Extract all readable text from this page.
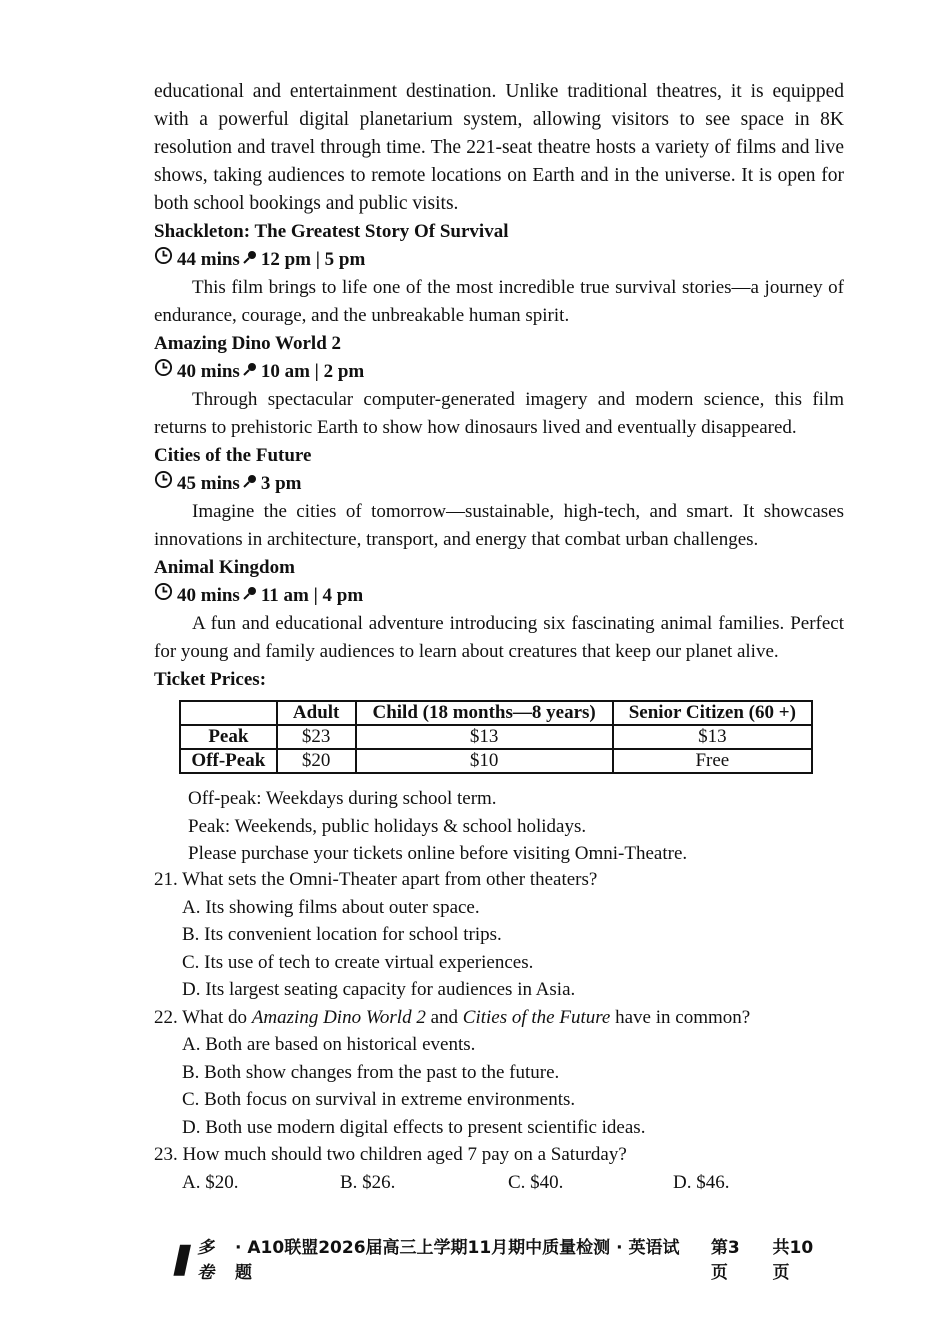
educational and entertainment destination. Unlike traditional theatres, it is equipped with a powerful digital planetarium system, allowing visitors to see space in 8K resolution and travel through time. The 221-seat theatre hosts a variety of films and live shows, taking audiences to remote locations on Earth and in the universe. It is open for both school bookings and public visits.

Shackleton: The Greatest Story Of Survival

44 mins 12 pm | 5 pm

This film brings to life one of the most incredible true survival stories—a journey of endurance, courage, and the unbreakable human spirit.

Amazing Dino World 2

40 mins 10 am | 2 pm

Through spectacular computer-generated imagery and modern science, this film returns to prehistoric Earth to show how dinosaurs lived and eventually disappeared.

Cities of the Future

45 mins 3 pm

Imagine the cities of tomorrow—sustainable, high-tech, and smart. It showcases innovations in architecture, transport, and energy that combat urban challenges.

Animal Kingdom

40 mins 11 am | 4 pm

A fun and educational adventure introducing six fascinating animal families. Perfect for young and family audiences to learn about creatures that keep our planet alive.

Ticket Prices:

	Adult	Child (18 months—8 years)	Senior Citizen (60 +)
Peak	$23	$13	$13
Off-Peak	$20	$10	Free

Off-peak: Weekdays during school term.

Peak: Weekends, public holidays & school holidays.

Please purchase your tickets online before visiting Omni-Theatre.

21. What sets the Omni-Theater apart from other theaters?

A. Its showing films about outer space.

B. Its convenient location for school trips.

C. Its use of tech to create virtual experiences.

D. Its largest seating capacity for audiences in Asia.

22. What do Amazing Dino World 2 and Cities of the Future have in common?

A. Both are based on historical events.

B. Both show changes from the past to the future.

C. Both focus on survival in extreme environments.

D. Both use modern digital effects to present scientific ideas.

23. How much should two children aged 7 pay on a Saturday?

A. $20.	B. $26.	C. $40.	D. $46.
❚
多卷
· A10联盟2026届高三上学期11月期中质量检测 · 英语试题
第3页
共10页
